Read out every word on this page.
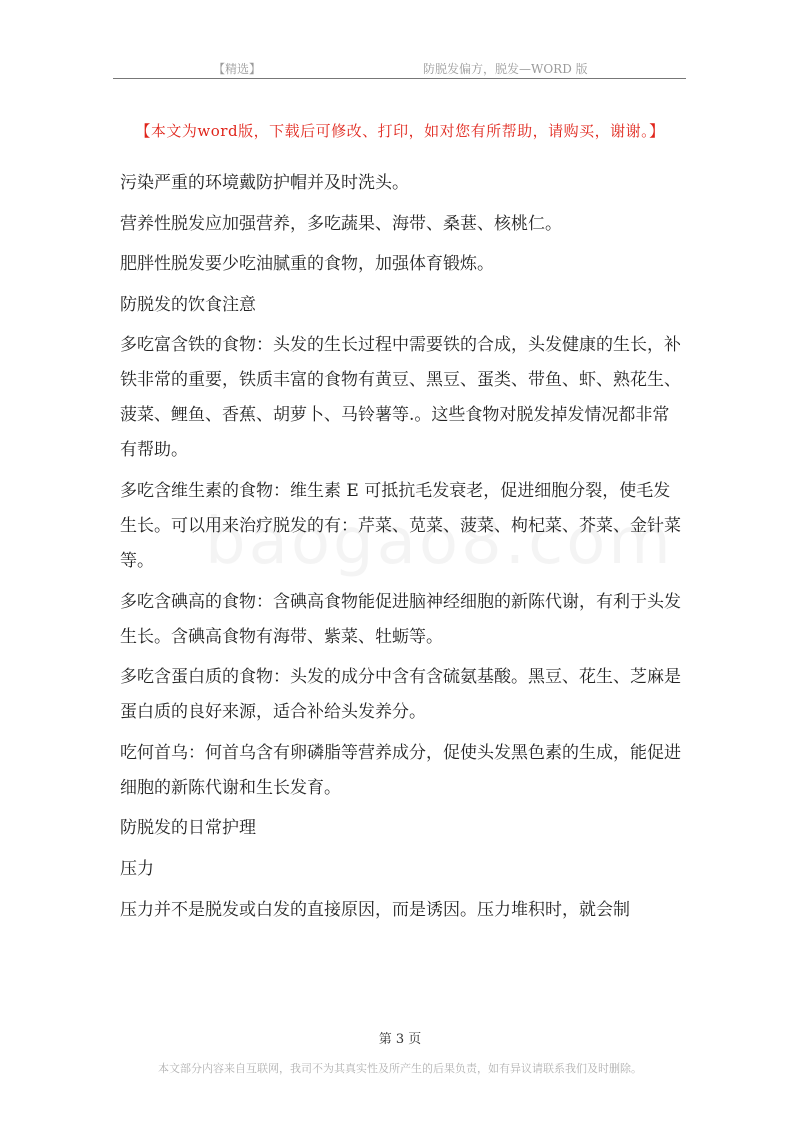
【精选】	防脱发偏方，脱发—WORD 版
【本文为word版，下载后可修改、打印，如对您有所帮助，请购买，谢谢。】

污染严重的环境戴防护帽并及时洗头。

营养性脱发应加强营养，多吃蔬果、海带、桑葚、核桃仁。

肥胖性脱发要少吃油腻重的食物，加强体育锻炼。

防脱发的饮食注意

多吃富含铁的食物：头发的生长过程中需要铁的合成，头发健康的生长，补铁非常的重要，铁质丰富的食物有黄豆、黑豆、蛋类、带鱼、虾、熟花生、菠菜、鲤鱼、香蕉、胡萝卜、马铃薯等.。这些食物对脱发掉发情况都非常有帮助。

多吃含维生素的食物：维生素 E 可抵抗毛发衰老，促进细胞分裂，使毛发生长。可以用来治疗脱发的有：芹菜、苋菜、菠菜、枸杞菜、芥菜、金针菜等。

多吃含碘高的食物：含碘高食物能促进脑神经细胞的新陈代谢，有利于头发生长。含碘高食物有海带、紫菜、牡蛎等。

多吃含蛋白质的食物：头发的成分中含有含硫氨基酸。黑豆、花生、芝麻是蛋白质的良好来源，适合补给头发养分。

吃何首乌：何首乌含有卵磷脂等营养成分，促使头发黑色素的生成，能促进细胞的新陈代谢和生长发育。

防脱发的日常护理

压力

压力并不是脱发或白发的直接原因，而是诱因。压力堆积时，就会制

第 3 页
本文部分内容来自互联网，我司不为其真实性及所产生的后果负责，如有异议请联系我们及时删除。
